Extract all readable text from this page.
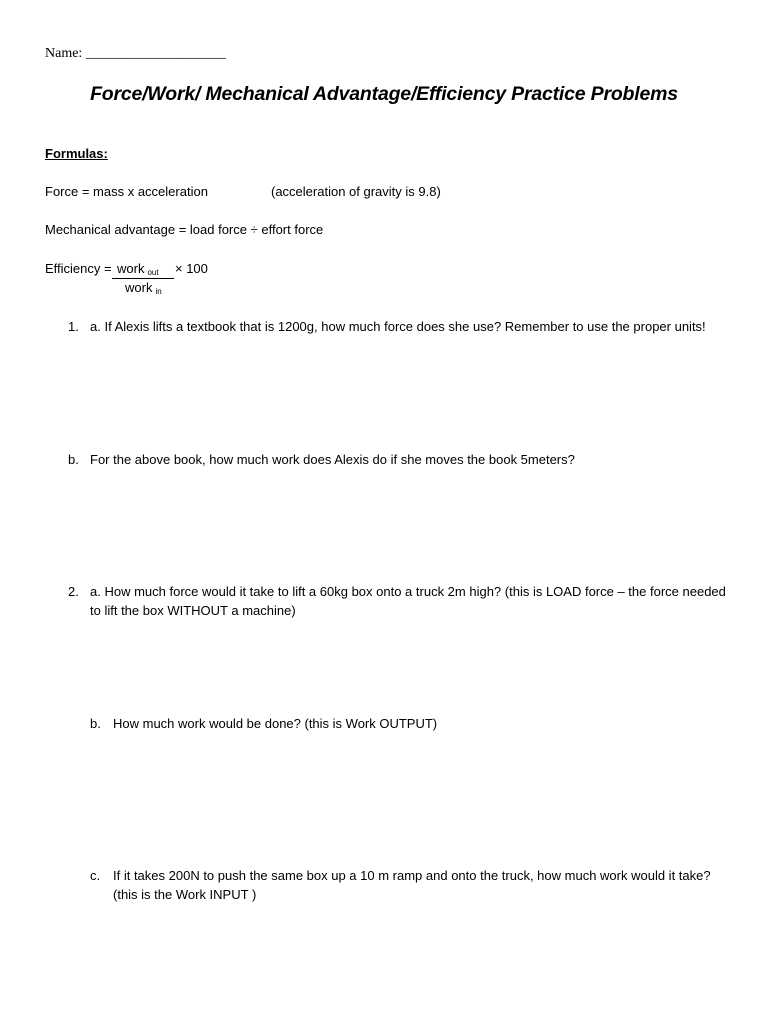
Name: ____________________
Force/Work/ Mechanical Advantage/Efficiency Practice Problems
Formulas:
Force = mass x acceleration	(acceleration of gravity is 9.8)
Mechanical advantage = load force ÷ effort force
Efficiency = work out × 100
work in
1. a. If Alexis lifts a textbook that is 1200g, how much force does she use? Remember to use the proper units!
b. For the above book, how much work does Alexis do if she moves the book 5meters?
2. a. How much force would it take to lift a 60kg box onto a truck 2m high? (this is LOAD force – the force needed to lift the box WITHOUT a machine)
b. How much work would be done? (this is Work OUTPUT)
c. If it takes 200N to push the same box up a 10 m ramp and onto the truck, how much work would it take? (this is the Work INPUT )
